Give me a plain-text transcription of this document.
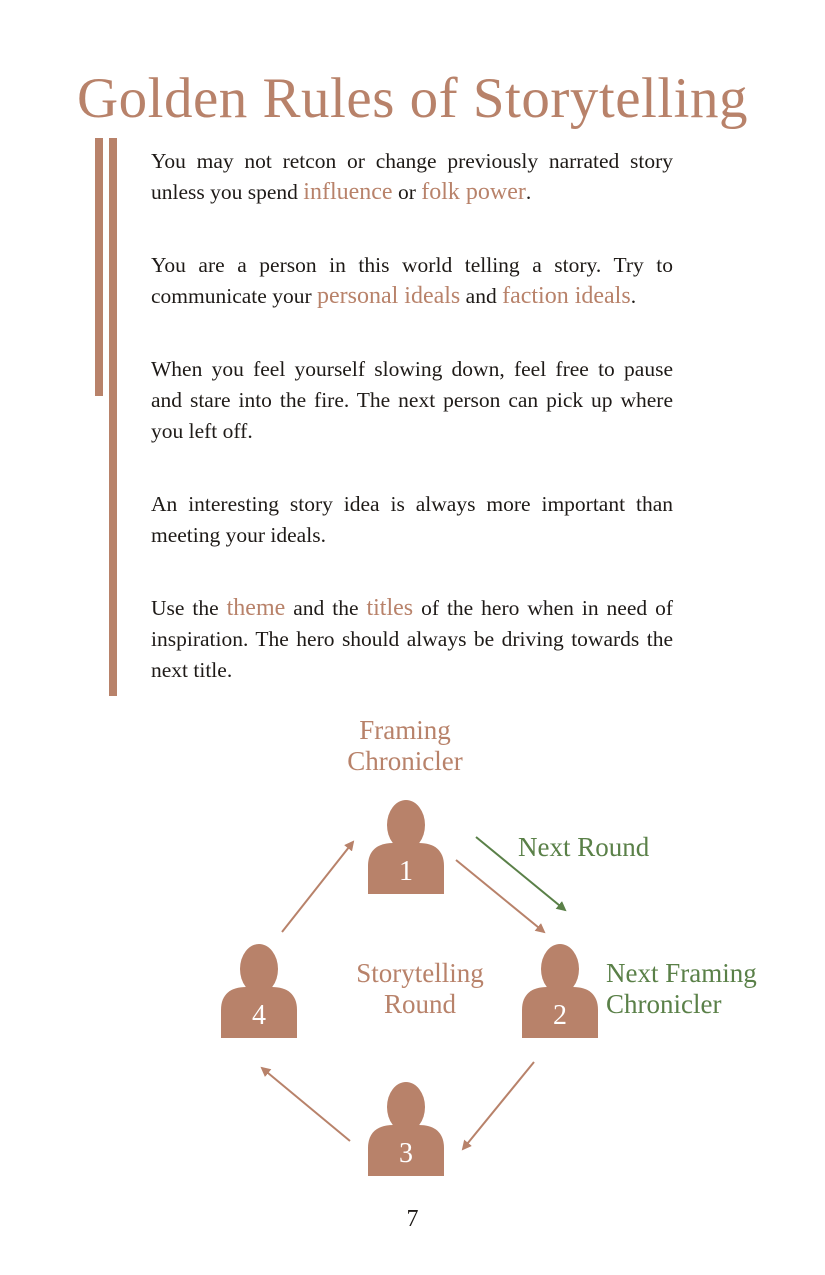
Golden Rules of Storytelling

You may not retcon or change previously narrated story unless you spend influence or folk power.

You are a person in this world telling a story. Try to communicate your personal ideals and faction ideals.

When you feel yourself slowing down, feel free to pause and stare into the fire. The next person can pick up where you left off.

An interesting story idea is always more important than meeting your ideals.

Use the theme and the titles of the hero when in need of inspiration. The hero should always be driving towards the next title.

Framing
Chronicler
Storytelling
Round
Next Round
Next Framing
Chronicler
1
2
3
4
7
